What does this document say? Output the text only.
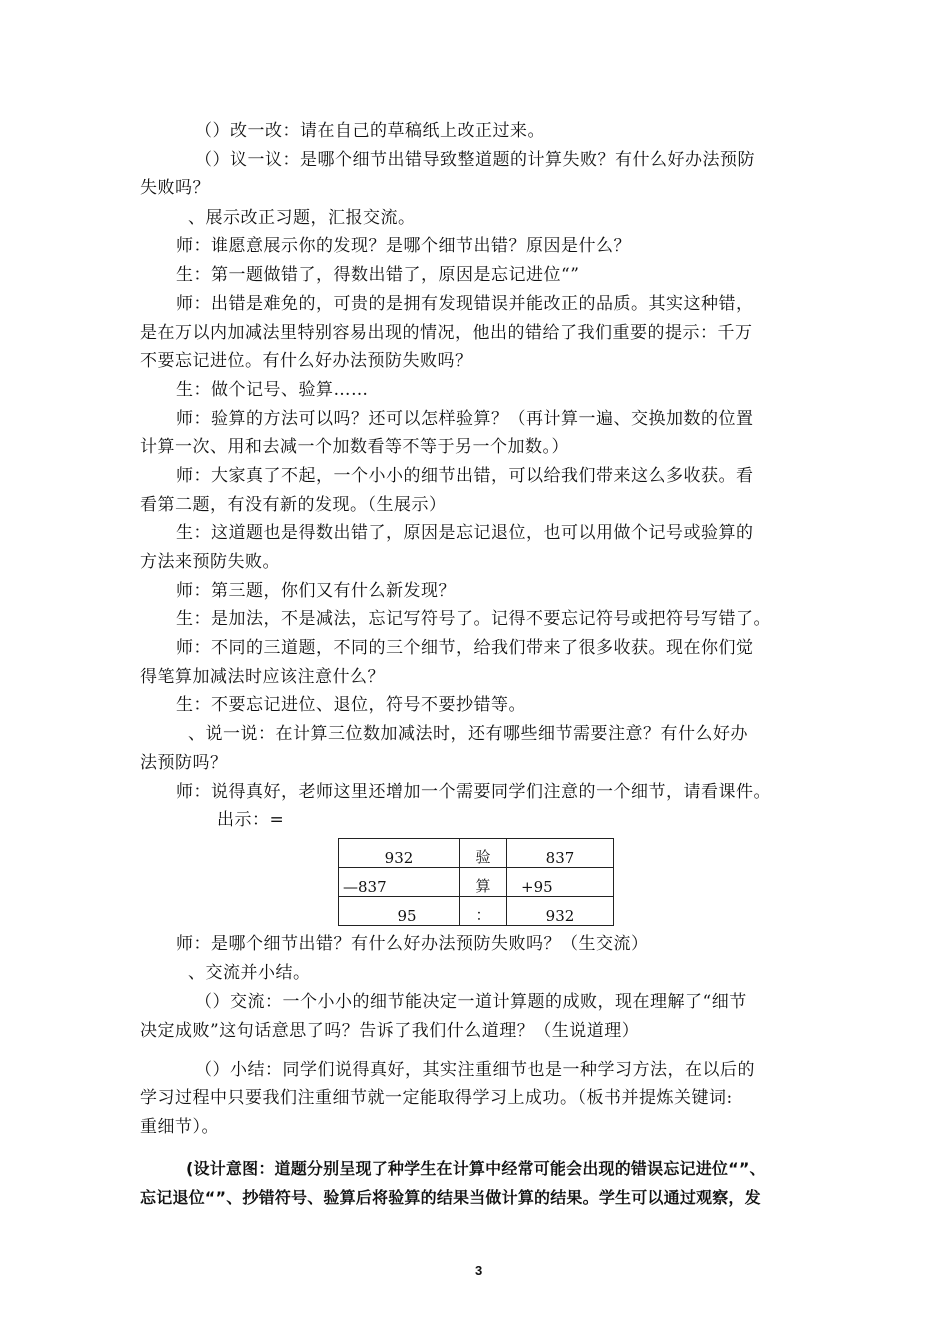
（）改一改：请在自己的草稿纸上改正过来。
（）议一议：是哪个细节出错导致整道题的计算失败？有什么好办法预防
失败吗？
、展示改正习题，汇报交流。
师：谁愿意展示你的发现？是哪个细节出错？原因是什么？
生：第一题做错了，得数出错了，原因是忘记进位“”
师：出错是难免的，可贵的是拥有发现错误并能改正的品质。其实这种错，
是在万以内加减法里特别容易出现的情况，他出的错给了我们重要的提示：千万
不要忘记进位。有什么好办法预防失败吗？
生：做个记号、验算……
师：验算的方法可以吗？还可以怎样验算？（再计算一遍、交换加数的位置
计算一次、用和去减一个加数看等不等于另一个加数。）
师：大家真了不起，一个小小的细节出错，可以给我们带来这么多收获。看
看第二题，有没有新的发现。（生展示）
生：这道题也是得数出错了，原因是忘记退位，也可以用做个记号或验算的
方法来预防失败。
师：第三题，你们又有什么新发现？
生：是加法，不是减法，忘记写符号了。记得不要忘记符号或把符号写错了。
师：不同的三道题，不同的三个细节，给我们带来了很多收获。现在你们觉
得笔算加减法时应该注意什么？
生：不要忘记进位、退位，符号不要抄错等。
、说一说：在计算三位数加减法时，还有哪些细节需要注意？有什么好办
法预防吗？
师：说得真好，老师这里还增加一个需要同学们注意的一个细节，请看课件。
出示：=
师：是哪个细节出错？有什么好办法预防失败吗？（生交流）
、交流并小结。
（）交流：一个小小的细节能决定一道计算题的成败，现在理解了“细节
决定成败”这句话意思了吗？告诉了我们什么道理？（生说道理）
（）小结：同学们说得真好，其实注重细节也是一种学习方法，在以后的
学习过程中只要我们注重细节就一定能取得学习上成功。（板书并提炼关键词:
重细节）。
932	验	837
—837	算	+95
95	：	932
(设计意图：道题分别呈现了种学生在计算中经常可能会出现的错误忘记进位“”、
忘记退位“”、抄错符号、验算后将验算的结果当做计算的结果。学生可以通过观察，发
3
